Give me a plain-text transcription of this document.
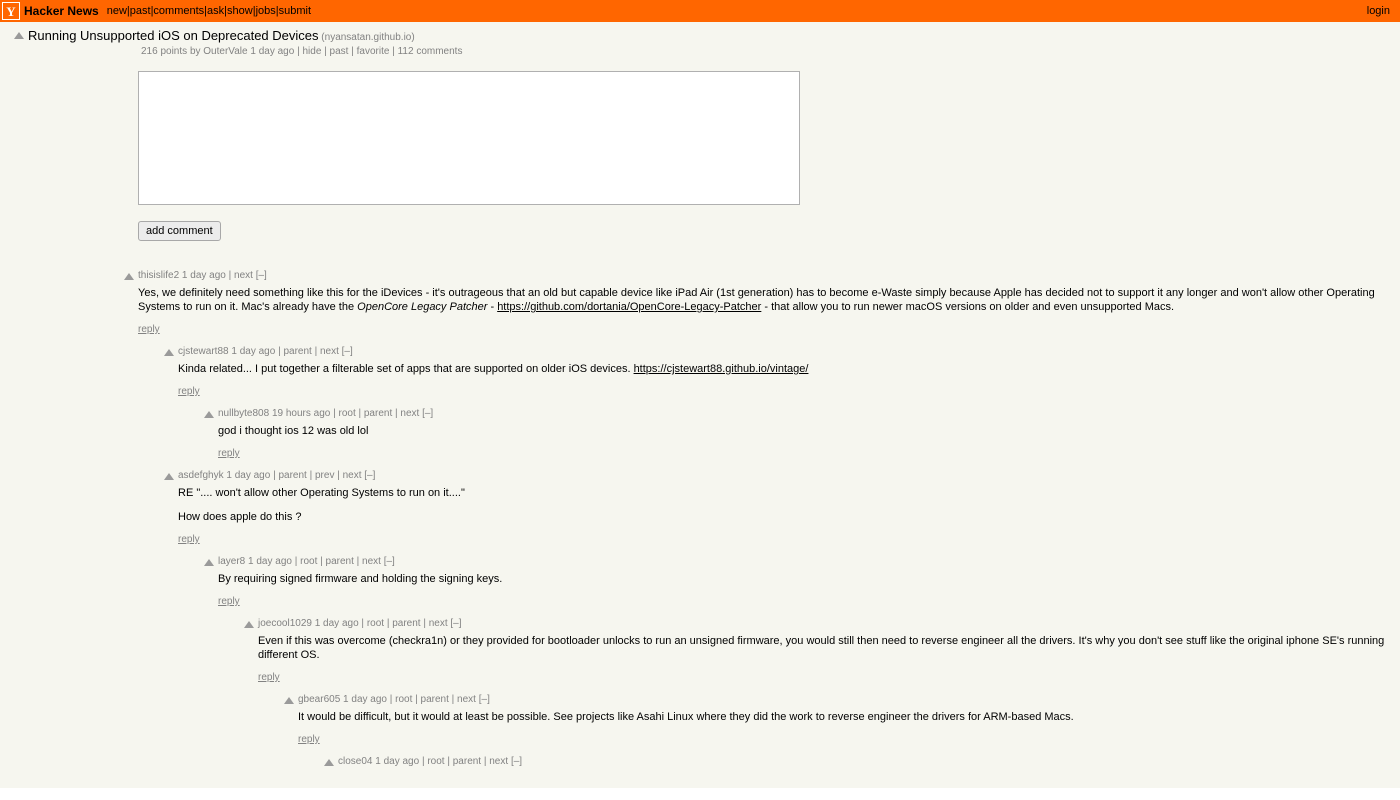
Y Hacker News new|past|comments|ask|show|jobs|submit	login
Running Unsupported iOS on Deprecated Devices (nyansatan.github.io)
216 points by OuterVale 1 day ago | hide | past | favorite | 112 comments
add comment
thisislife2 1 day ago | next [–]
Yes, we definitely need something like this for the iDevices - it's outrageous that an old but capable device like iPad Air (1st generation) has to become e-Waste simply because Apple has decided not to support it any longer and won't allow other Operating Systems to run on it. Mac's already have the OpenCore Legacy Patcher - https://github.com/dortania/OpenCore-Legacy-Patcher - that allow you to run newer macOS versions on older and even unsupported Macs.
reply
cjstewart88 1 day ago | parent | next [–]
Kinda related... I put together a filterable set of apps that are supported on older iOS devices. https://cjstewart88.github.io/vintage/
reply
nullbyte808 19 hours ago | root | parent | next [–]
god i thought ios 12 was old lol
reply
asdefghyk 1 day ago | parent | prev | next [–]
RE ".... won't allow other Operating Systems to run on it...."

How does apple do this ?

reply
layer8 1 day ago | root | parent | next [–]
By requiring signed firmware and holding the signing keys.
reply
joecool1029 1 day ago | root | parent | next [–]
Even if this was overcome (checkra1n) or they provided for bootloader unlocks to run an unsigned firmware, you would still then need to reverse engineer all the drivers. It's why you don't see stuff like the original iphone SE's running different OS.
reply
gbear605 1 day ago | root | parent | next [–]
It would be difficult, but it would at least be possible. See projects like Asahi Linux where they did the work to reverse engineer the drivers for ARM-based Macs.
reply
close04 1 day ago | root | parent | next [–]
